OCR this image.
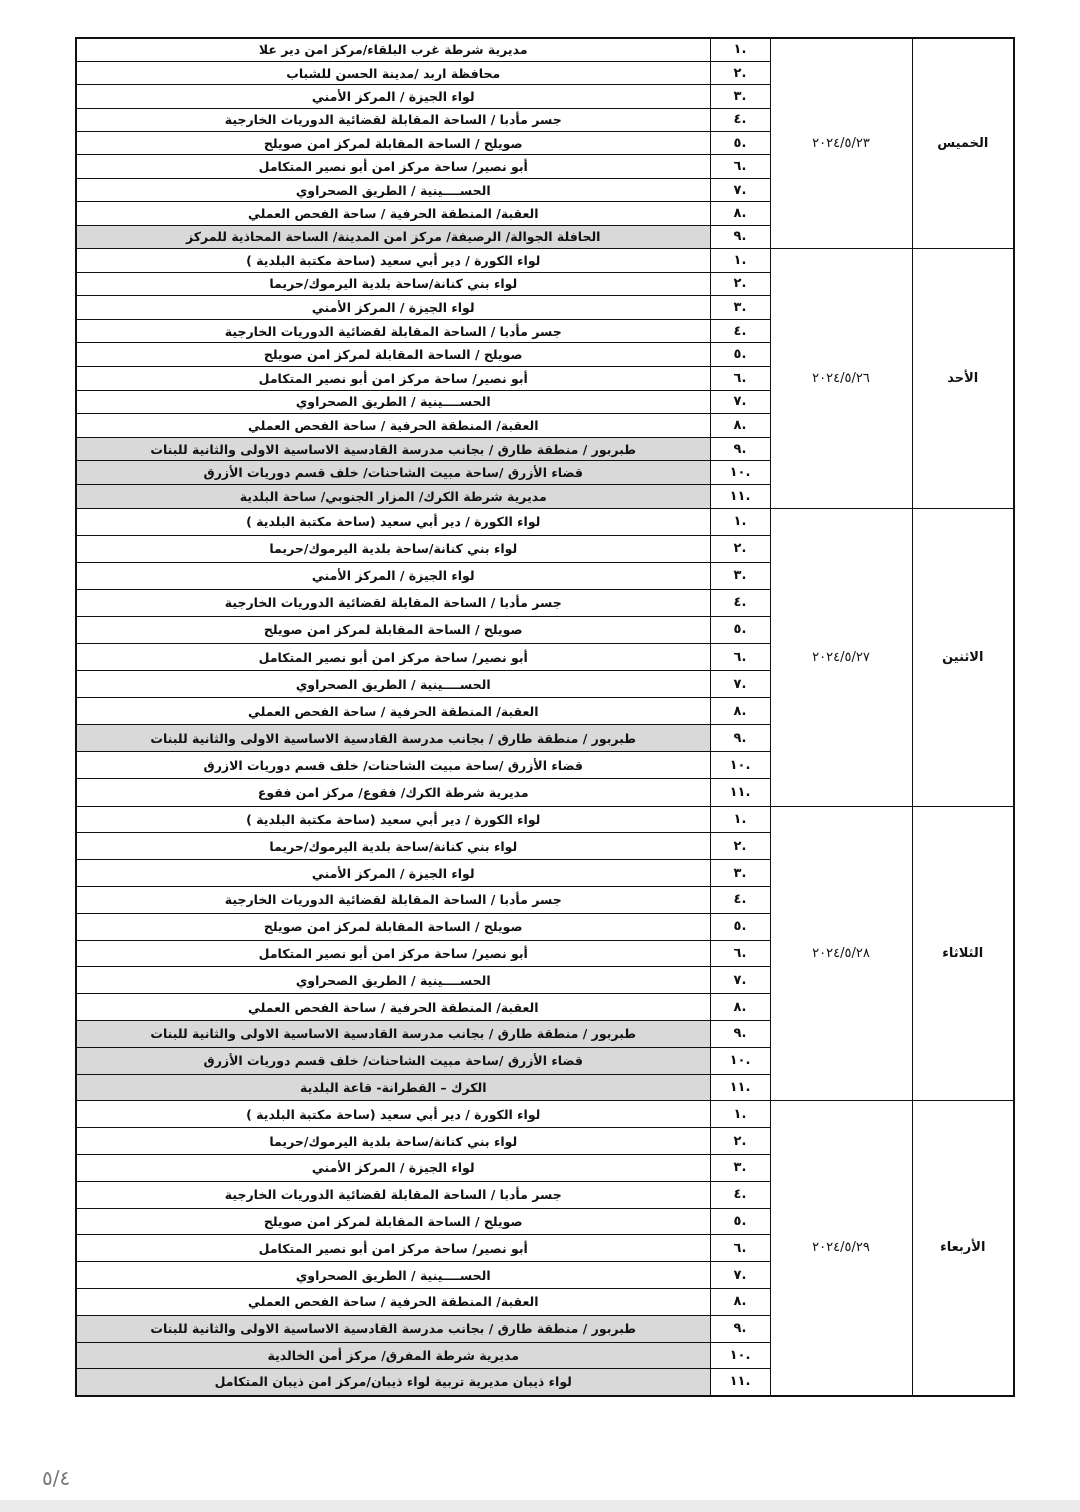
الخميس	٢٠٢٤/٥/٢٣	.١	مديرية شرطة غرب البلقاء/مركز امن دير علا
		.٢	محافظة اربد /مدينة الحسن للشباب
		.٣	لواء الجيزة / المركز الأمني
		.٤	جسر مأدبا / الساحة المقابلة لقضائية الدوريات الخارجية
		.٥	صويلح / الساحة المقابلة لمركز امن صويلح
		.٦	أبو نصير/ ساحة مركز امن أبو نصير المتكامل
		.٧	الحســــينية / الطريق الصحراوي
		.٨	العقبة/ المنطقة الحرفية / ساحة الفحص العملي
		.٩	الحافلة الجوالة/ الرصيفة/ مركز امن المدينة/ الساحة المحاذية للمركز
الأحد	٢٠٢٤/٥/٢٦	.١	لواء الكورة / دير أبي سعيد (ساحة مكتبة البلدية )
		.٢	لواء بني كنانة/ساحة بلدية اليرموك/حريما
		.٣	لواء الجيزة / المركز الأمني
		.٤	جسر مأدبا / الساحة المقابلة لقضائية الدوريات الخارجية
		.٥	صويلح / الساحة المقابلة لمركز امن صويلح
		.٦	أبو نصير/ ساحة مركز امن أبو نصير المتكامل
		.٧	الحســــينية / الطريق الصحراوي
		.٨	العقبة/ المنطقة الحرفية / ساحة الفحص العملي
		.٩	طبربور / منطقة طارق / بجانب مدرسة القادسية الاساسية الاولى والثانية للبنات
		.١٠	قضاء الأزرق /ساحة مبيت الشاحنات/ خلف قسم دوريات الأزرق
		.١١	مديرية شرطة الكرك/ المزار الجنوبي/ ساحة البلدية
الاثنين	٢٠٢٤/٥/٢٧	.١	لواء الكورة / دير أبي سعيد (ساحة مكتبة البلدية )
		.٢	لواء بني كنانة/ساحة بلدية اليرموك/حريما
		.٣	لواء الجيزة / المركز الأمني
		.٤	جسر مأدبا / الساحة المقابلة لقضائية الدوريات الخارجية
		.٥	صويلح / الساحة المقابلة لمركز امن صويلح
		.٦	أبو نصير/ ساحة مركز امن أبو نصير المتكامل
		.٧	الحســــينية / الطريق الصحراوي
		.٨	العقبة/ المنطقة الحرفية / ساحة الفحص العملي
		.٩	طبربور / منطقة طارق / بجانب مدرسة القادسية الاساسية الاولى والثانية للبنات
		.١٠	قضاء الأزرق /ساحة مبيت الشاحنات/ خلف قسم دوريات الازرق
		.١١	مديرية شرطة الكرك/ فقوع/ مركز امن فقوع
الثلاثاء	٢٠٢٤/٥/٢٨	.١	لواء الكورة / دير أبي سعيد (ساحة مكتبة البلدية )
		.٢	لواء بني كنانة/ساحة بلدية اليرموك/حريما
		.٣	لواء الجيزة / المركز الأمني
		.٤	جسر مأدبا / الساحة المقابلة لقضائية الدوريات الخارجية
		.٥	صويلح / الساحة المقابلة لمركز امن صويلح
		.٦	أبو نصير/ ساحة مركز امن أبو نصير المتكامل
		.٧	الحســــينية / الطريق الصحراوي
		.٨	العقبة/ المنطقة الحرفية / ساحة الفحص العملي
		.٩	طبربور / منطقة طارق / بجانب مدرسة القادسية الاساسية الاولى والثانية للبنات
		.١٠	قضاء الأزرق /ساحة مبيت الشاحنات/ خلف قسم دوريات الأزرق
		.١١	الكرك – القطرانة- قاعة البلدية
الأربعاء	٢٠٢٤/٥/٢٩	.١	لواء الكورة / دير أبي سعيد (ساحة مكتبة البلدية )
		.٢	لواء بني كنانة/ساحة بلدية اليرموك/حريما
		.٣	لواء الجيزة / المركز الأمني
		.٤	جسر مأدبا / الساحة المقابلة لقضائية الدوريات الخارجية
		.٥	صويلح / الساحة المقابلة لمركز امن صويلح
		.٦	أبو نصير/ ساحة مركز امن أبو نصير المتكامل
		.٧	الحســــينية / الطريق الصحراوي
		.٨	العقبة/ المنطقة الحرفية / ساحة الفحص العملي
		.٩	طبربور / منطقة طارق / بجانب مدرسة القادسية الاساسية الاولى والثانية للبنات
		.١٠	مديرية شرطة المفرق/ مركز أمن الخالدية
		.١١	لواء ذيبان مديرية تربية لواء ذيبان/مركز امن ذيبان المتكامل
٥/٤
